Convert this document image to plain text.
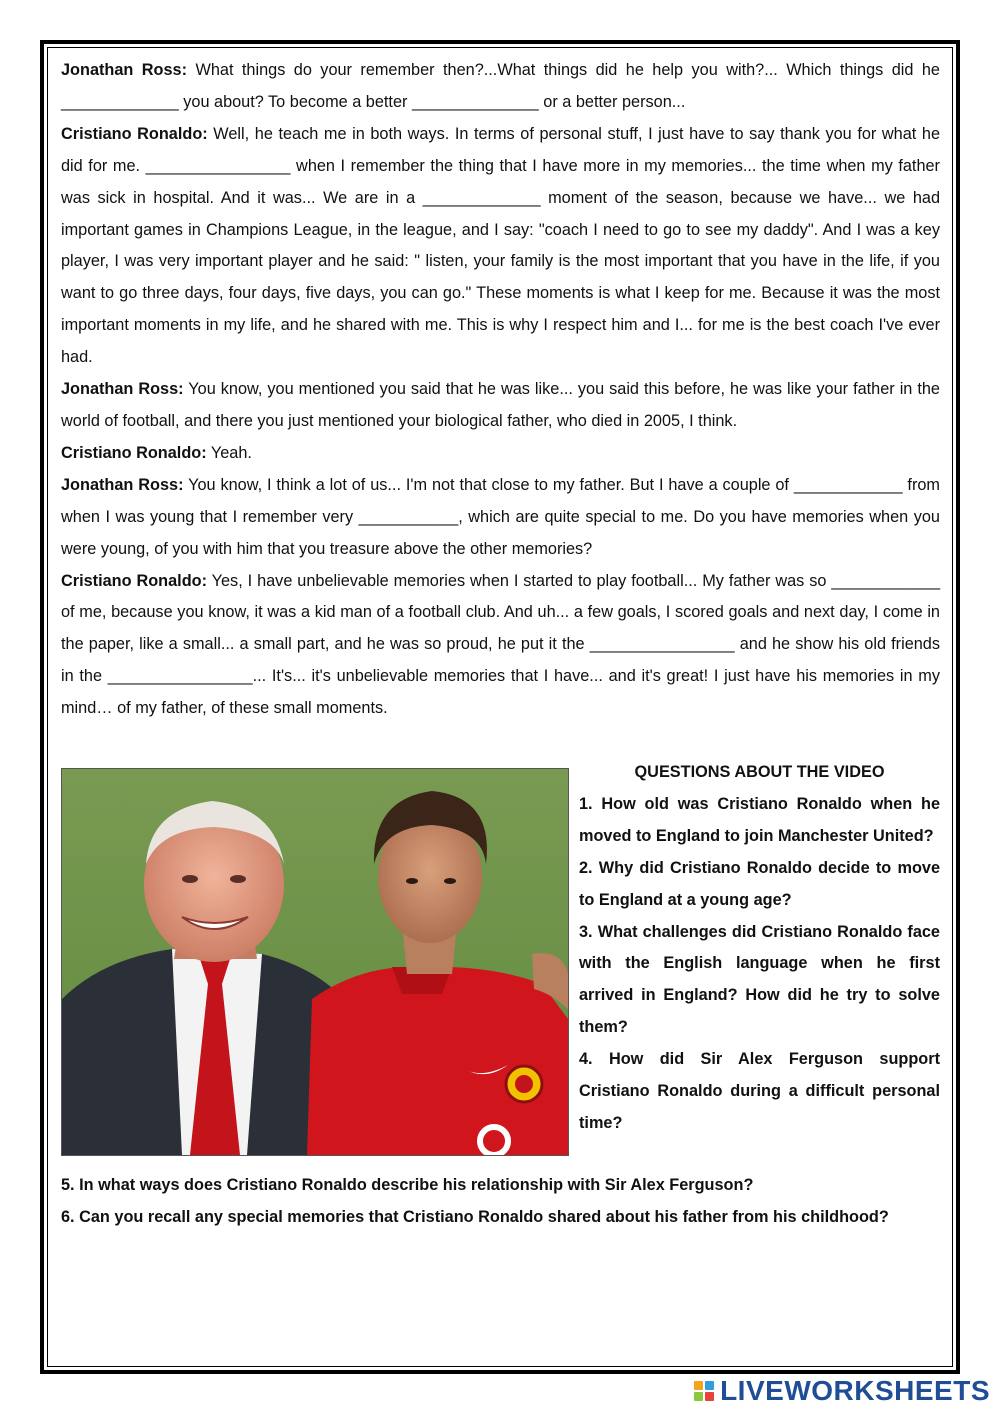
Jonathan Ross: What things do your remember then?...What things did he help you with?... Which things did he _____________ you about? To become a better ______________ or a better person...

Cristiano Ronaldo: Well, he teach me in both ways. In terms of personal stuff, I just have to say thank you for what he did for me. ________________ when I remember the thing that I have more in my memories... the time when my father was sick in hospital. And it was... We are in a _____________ moment of the season, because we have... we had important games in Champions League, in the league, and I say: "coach I need to go to see my daddy". And I was a key player, I was very important player and he said: " listen, your family is the most important that you have in the life, if you want to go three days, four days, five days, you can go." These moments is what I keep for me. Because it was the most important moments in my life, and he shared with me. This is why I respect him and I... for me is the best coach I've ever had.

Jonathan Ross: You know, you mentioned you said that he was like... you said this before, he was like your father in the world of football, and there you just mentioned your biological father, who died in 2005, I think.

Cristiano Ronaldo: Yeah.

Jonathan Ross: You know, I think a lot of us... I'm not that close to my father. But I have a couple of ____________ from when I was young that I remember very ___________, which are quite special to me. Do you have memories when you were young, of you with him that you treasure above the other memories?

Cristiano Ronaldo: Yes, I have unbelievable memories when I started to play football... My father was so ____________ of me, because you know, it was a kid man of a football club. And uh... a few goals, I scored goals and next day, I come in the paper, like a small... a small part, and he was so proud, he put it the ________________ and he show his old friends in the ________________... It's... it's unbelievable memories that I have... and it's great! I just have his memories in my mind… of my father, of these small moments.

QUESTIONS ABOUT THE VIDEO

1. How old was Cristiano Ronaldo when he moved to England to join Manchester United?

2. Why did Cristiano Ronaldo decide to move to England at a young age?

3. What challenges did Cristiano Ronaldo face with the English language when he first arrived in England? How did he try to solve them?

4. How did Sir Alex Ferguson support Cristiano Ronaldo during a difficult personal time?

5. In what ways does Cristiano Ronaldo describe his relationship with Sir Alex Ferguson?

6. Can you recall any special memories that Cristiano Ronaldo shared about his father from his childhood?

LIVEWORKSHEETS
